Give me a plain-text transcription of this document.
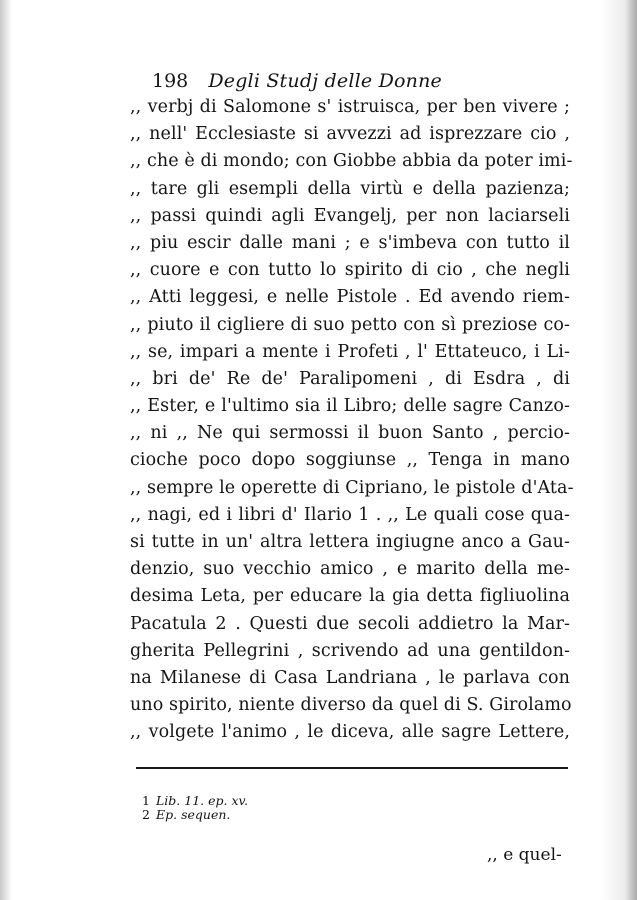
198 Degli Studj delle Donne
,, verbj di Salomone s' istruisca, per ben vivere ;
,, nell' Ecclesiaste si avvezzi ad isprezzare cio ,
,, che è di mondo; con Giobbe abbia da poter imi-
,, tare gli esempli della virtù e della pazienza;
,, passi quindi agli Evangelj, per non laciarseli
,, piu escir dalle mani ; e s'imbeva con tutto il
,, cuore e con tutto lo spirito di cio , che negli
,, Atti leggesi, e nelle Pistole . Ed avendo riem-
,, piuto il cigliere di suo petto con sì preziose co-
,, se, impari a mente i Profeti , l' Ettateuco, i Li-
,, bri de' Re de' Paralipomeni , di Esdra , di
,, Ester, e l'ultimo sia il Libro; delle sagre Canzo-
,, ni ,, Ne qui sermossi il buon Santo , percio-
cioche poco dopo soggiunse ,, Tenga in mano
,, sempre le operette di Cipriano, le pistole d'Ata-
,, nagi, ed i libri d' Ilario 1 . ,, Le quali cose qua-
si tutte in un' altra lettera ingiugne anco a Gau-
denzio, suo vecchio amico , e marito della me-
desima Leta, per educare la gia detta figliuolina
Pacatula 2 . Questi due secoli addietro la Mar-
gherita Pellegrini , scrivendo ad una gentildon-
na Milanese di Casa Landriana , le parlava con
uno spirito, niente diverso da quel di S. Girolamo
,, volgete l'animo , le diceva, alle sagre Lettere,
1 Lib. 11. ep. xv.
2 Ep. sequen.
,, e quel-
